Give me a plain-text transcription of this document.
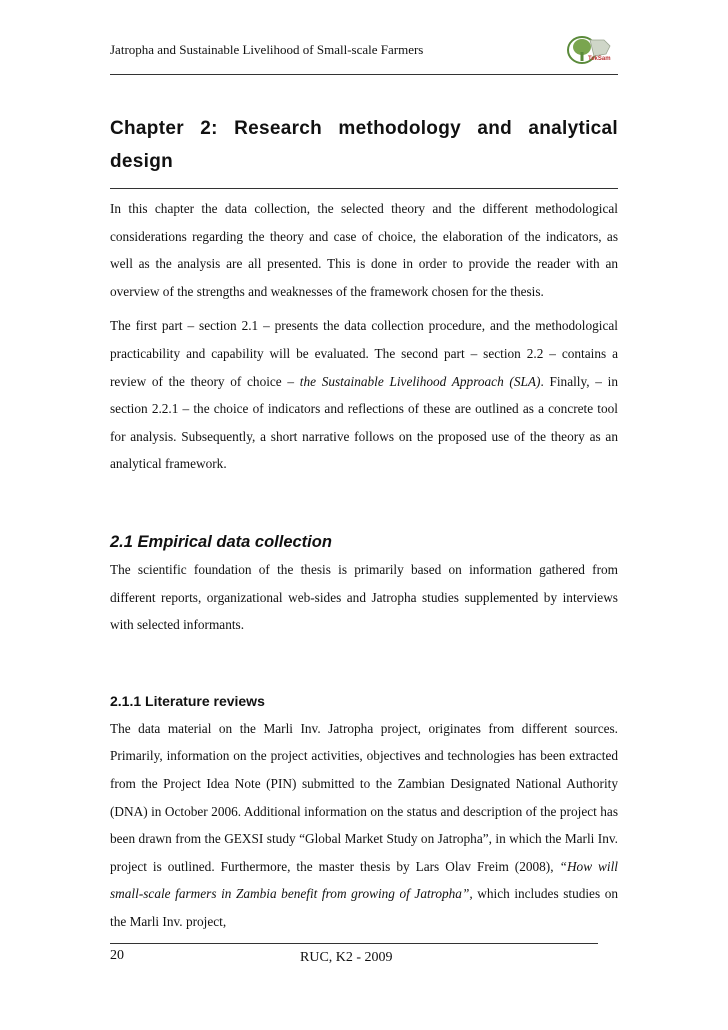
Jatropha and Sustainable Livelihood of Small-scale Farmers
TekSam
Chapter 2: Research methodology and analytical design

In this chapter the data collection, the selected theory and the different methodological considerations regarding the theory and case of choice, the elaboration of the indicators, as well as the analysis are all presented. This is done in order to provide the reader with an overview of the strengths and weaknesses of the framework chosen for the thesis.

The first part – section 2.1 – presents the data collection procedure, and the methodological practicability and capability will be evaluated. The second part – section 2.2 – contains a review of the theory of choice – the Sustainable Livelihood Approach (SLA). Finally, – in section 2.2.1 – the choice of indicators and reflections of these are outlined as a concrete tool for analysis. Subsequently, a short narrative follows on the proposed use of the theory as an analytical framework.

2.1 Empirical data collection

The scientific foundation of the thesis is primarily based on information gathered from different reports, organizational web-sides and Jatropha studies supplemented by interviews with selected informants.

2.1.1 Literature reviews

The data material on the Marli Inv. Jatropha project, originates from different sources. Primarily, information on the project activities, objectives and technologies has been extracted from the Project Idea Note (PIN) submitted to the Zambian Designated National Authority (DNA) in October 2006. Additional information on the status and description of the project has been drawn from the GEXSI study “Global Market Study on Jatropha”, in which the Marli Inv. project is outlined. Furthermore, the master thesis by Lars Olav Freim (2008), “How will small-scale farmers in Zambia benefit from growing of Jatropha”, which includes studies on the Marli Inv. project,

20	RUC, K2 - 2009
